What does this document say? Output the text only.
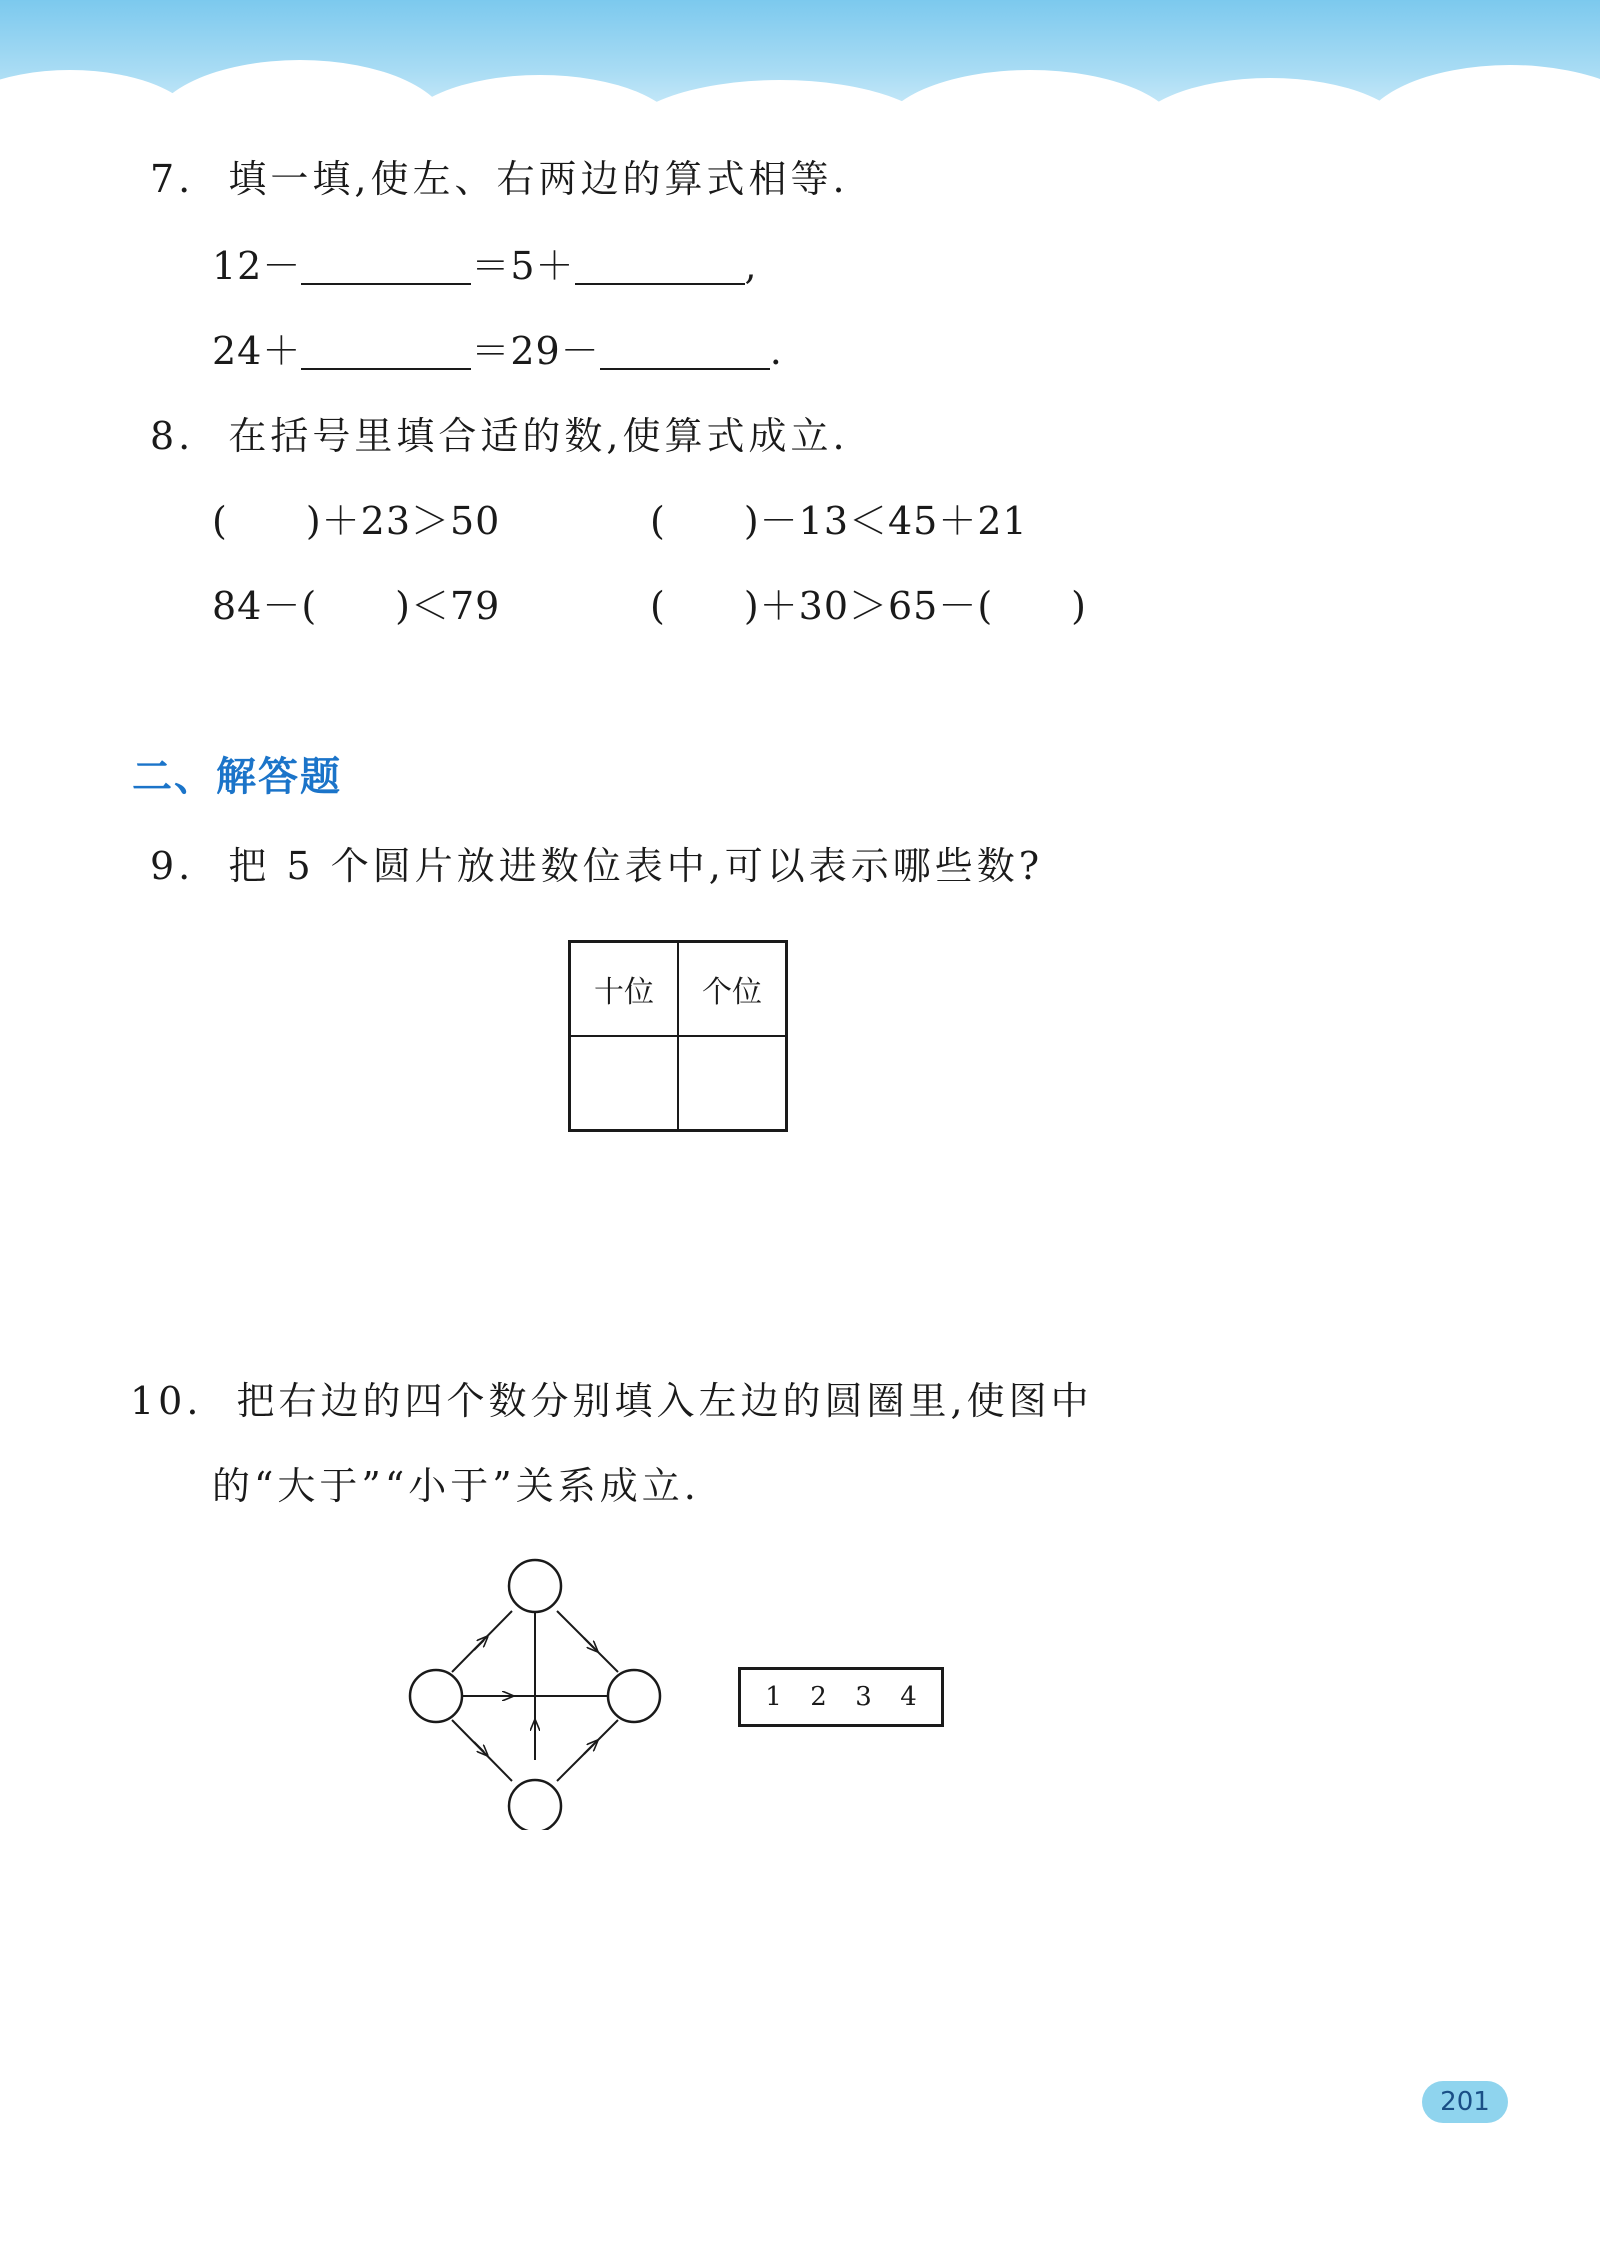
7. 填一填,使左、右两边的算式相等.
12－	＝5＋	,
24＋	＝29－	.
8. 在括号里填合适的数,使算式成立.
(　　)＋23＞50	(　　)－13＜45＋21
84－(　　)＜79	(　　)＋30＞65－(　　)
二、解答题
9. 把 5 个圆片放进数位表中,可以表示哪些数?
十位	个位

10. 把右边的四个数分别填入左边的圆圈里,使图中
的“大于”“小于”关系成立.
1 2 3 4
201
